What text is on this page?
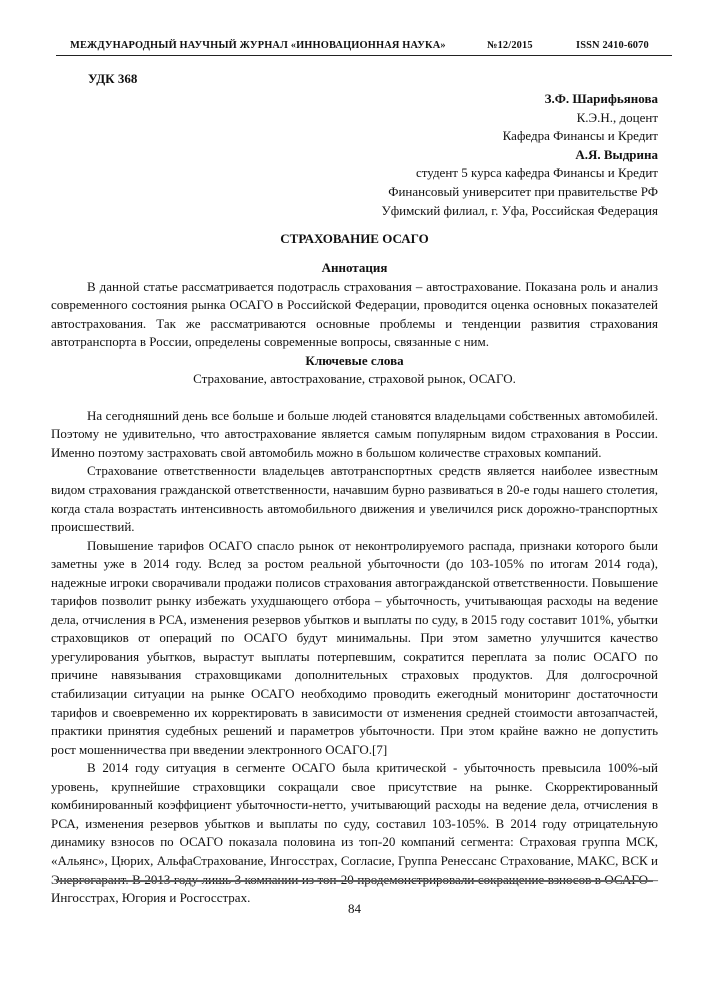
МЕЖДУНАРОДНЫЙ НАУЧНЫЙ ЖУРНАЛ «ИННОВАЦИОННАЯ НАУКА»	№12/2015	ISSN 2410-6070
УДК 368
З.Ф. Шарифьянова
К.Э.Н., доцент
Кафедра Финансы и Кредит
А.Я. Выдрина
студент 5 курса кафедра Финансы и Кредит
Финансовый университет при правительстве РФ
Уфимский филиал, г. Уфа, Российская Федерация
СТРАХОВАНИЕ ОСАГО

Аннотация

В данной статье рассматривается подотрасль страхования – автострахование. Показана роль и анализ современного состояния рынка ОСАГО в Российской Федерации, проводится оценка основных показателей автострахования. Так же рассматриваются основные проблемы и тенденции развития страхования автотранспорта в России, определены современные вопросы, связанные с ним.

Ключевые слова

Страхование, автострахование, страховой рынок, ОСАГО.

На сегодняшний день все больше и больше людей становятся владельцами собственных автомобилей. Поэтому не удивительно, что автострахование является самым популярным видом страхования в России. Именно поэтому застраховать свой автомобиль можно в большом количестве страховых компаний.

Страхование ответственности владельцев автотранспортных средств является наиболее известным видом страхования гражданской ответственности, начавшим бурно развиваться в 20-е годы нашего столетия, когда стала возрастать интенсивность автомобильного движения и увеличился риск дорожно-транспортных происшествий.

Повышение тарифов ОСАГО спасло рынок от неконтролируемого распада, признаки которого были заметны уже в 2014 году. Вслед за ростом реальной убыточности (до 103-105% по итогам 2014 года), надежные игроки сворачивали продажи полисов страхования автогражданской ответственности. Повышение тарифов позволит рынку избежать ухудшающего отбора – убыточность, учитывающая расходы на ведение дела, отчисления в РСА, изменения резервов убытков и выплаты по суду, в 2015 году составит 101%, убытки страховщиков от операций по ОСАГО будут минимальны. При этом заметно улучшится качество урегулирования убытков, вырастут выплаты потерпевшим, сократится переплата за полис ОСАГО по причине навязывания страховщиками дополнительных страховых продуктов. Для долгосрочной стабилизации ситуации на рынке ОСАГО необходимо проводить ежегодный мониторинг достаточности тарифов и своевременно их корректировать в зависимости от изменения средней стоимости автозапчастей, практики принятия судебных решений и параметров убыточности. При этом крайне важно не допустить рост мошенничества при введении электронного ОСАГО.[7]

В 2014 году ситуация в сегменте ОСАГО была критической - убыточность превысила 100%-ый уровень, крупнейшие страховщики сокращали свое присутствие на рынке. Скорректированный комбинированный коэффициент убыточности-нетто, учитывающий расходы на ведение дела, отчисления в РСА, изменения резервов убытков и выплаты по суду, составил 103-105%. В 2014 году отрицательную динамику взносов по ОСАГО показала половина из топ-20 компаний сегмента: Страховая группа МСК, «Альянс», Цюрих, АльфаСтрахование, Ингосстрах, Согласие, Группа Ренессанс Страхование, МАКС, ВСК и Энергогарант. В 2013 году лишь 3 компании из топ-20 продемонстрировали сокращение взносов в ОСАГО – Ингосстрах, Югория и Росгосстрах.

84
